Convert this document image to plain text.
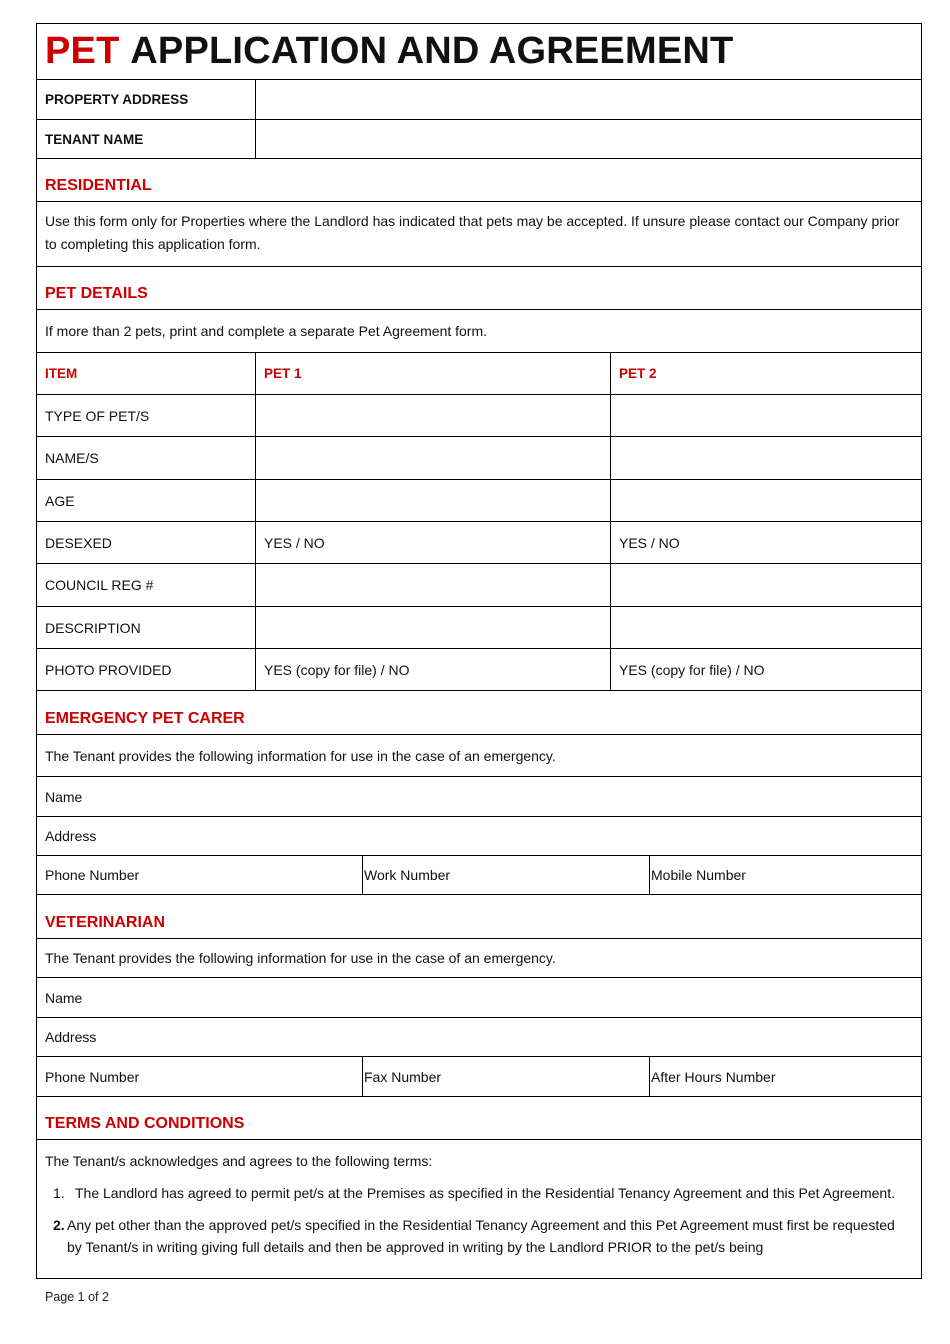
PET
APPLICATION AND AGREEMENT
PROPERTY ADDRESS
TENANT NAME
RESIDENTIAL
Use this form only for Properties where the Landlord has indicated that pets may be accepted. If unsure please contact our Company prior to completing this application form.
PET DETAILS
If more than 2 pets, print and complete a separate Pet Agreement form.
ITEM	PET 1	PET 2
TYPE OF PET/S
NAME/S
AGE
DESEXED	YES / NO	YES / NO
COUNCIL REG #
DESCRIPTION
PHOTO PROVIDED	YES (copy for file) / NO	YES (copy for file) / NO
EMERGENCY PET CARER
The Tenant provides the following information for use in the case of an emergency.
Name
Address
Phone Number	Work Number	Mobile Number
VETERINARIAN
The Tenant provides the following information for use in the case of an emergency.
Name
Address
Phone Number	Fax Number	After Hours Number
TERMS AND CONDITIONS
The Tenant/s acknowledges and agrees to the following terms:
1. The Landlord has agreed to permit pet/s at the Premises as specified in the Residential Tenancy Agreement and this Pet Agreement.
2. Any pet other than the approved pet/s specified in the Residential Tenancy Agreement and this Pet Agreement must first be requested by Tenant/s in writing giving full details and then be approved in writing by the Landlord PRIOR to the pet/s being
Page 1 of 2
